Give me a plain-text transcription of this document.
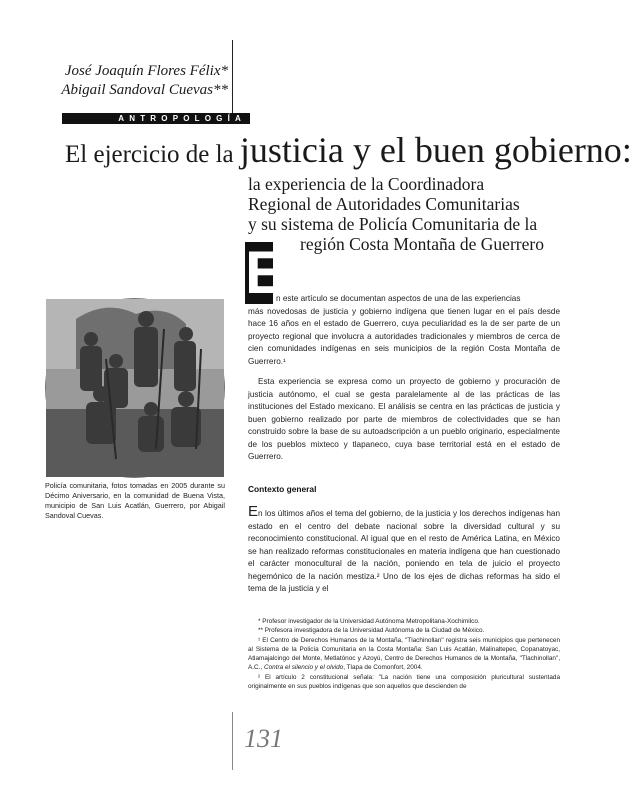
José Joaquín Flores Félix*
Abigail Sandoval Cuevas**
ANTROPOLOGÍA
El ejercicio de la justicia y el buen gobierno:
la experiencia de la Coordinadora
Regional de Autoridades Comunitarias
y su sistema de Policía Comunitaria de la
región Costa Montaña de Guerrero
Policía comunitaria, fotos tomadas en 2005 durante su Décimo Aniversario, en la comunidad de Buena Vista, municipio de San Luis Acatlán, Guerrero, por Abigail Sandoval Cuevas.
E
n este artículo se documentan aspectos de una de las experiencias
más novedosas de justicia y gobierno indígena que tienen lugar en el país desde hace 16 años en el estado de Guerrero, cuya peculiaridad es la de ser parte de un proyecto regional que involucra a autoridades tradicionales y miembros de cerca de cien comunidades indígenas en seis municipios de la región Costa Montaña de Guerrero.¹
Esta experiencia se expresa como un proyecto de gobierno y procuración de justicia autónomo, el cual se gesta paralelamente al de las prácticas de las instituciones del Estado mexicano. El análisis se centra en las prácticas de justicia y buen gobierno realizado por parte de miembros de colectividades que se han construido sobre la base de su autoadscripción a un pueblo originario, especialmente de los pueblos mixteco y tlapaneco, cuya base territorial está en el estado de Guerrero.
Contexto general
En los últimos años el tema del gobierno, de la justicia y los derechos indígenas han estado en el centro del debate nacional sobre la diversidad cultural y su reconocimiento constitucional. Al igual que en el resto de América Latina, en México se han realizado reformas constitucionales en materia indígena que han cuestionado el carácter monocultural de la nación, poniendo en tela de juicio el proyecto hegemónico de la nación mestiza.² Uno de los ejes de dichas reformas ha sido el tema de la justicia y el
* Profesor investigador de la Universidad Autónoma Metropolitana-Xochimilco.
** Profesora investigadora de la Universidad Autónoma de la Ciudad de México.
¹ El Centro de Derechos Humanos de la Montaña, "Tlachinollan" registra seis municipios que pertenecen al Sistema de la Policía Comunitaria en la Costa Montaña: San Luis Acatlán, Malinaltepec, Copanatoyac, Atlamajalcingo del Monte, Metlatónoc y Azoyú, Centro de Derechos Humanos de la Montaña, "Tlachinollan", A.C., Contra el silencio y el olvido, Tlapa de Comonfort, 2004.
² El artículo 2 constitucional señala: "La nación tiene una composición pluricultural sustentada originalmente en sus pueblos indígenas que son aquellos que descienden de
131
